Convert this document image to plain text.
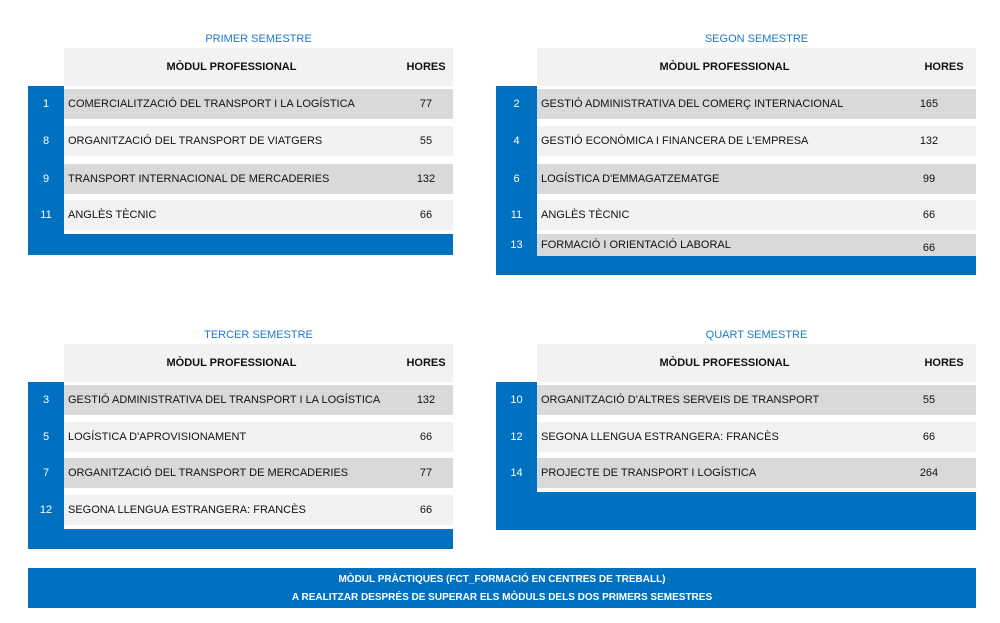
PRIMER SEMESTRE
MÒDUL PROFESSIONAL	HORES
1	COMERCIALITZACIÓ DEL TRANSPORT I LA LOGÍSTICA	77
8	ORGANITZACIÓ DEL TRANSPORT DE VIATGERS	55
9	TRANSPORT INTERNACIONAL DE MERCADERIES	132
11	ANGLÈS TÈCNIC	66
SEGON SEMESTRE
MÒDUL PROFESSIONAL	HORES
2	GESTIÓ ADMINISTRATIVA DEL COMERÇ INTERNACIONAL	165
4	GESTIÓ ECONÒMICA I FINANCERA DE L'EMPRESA	132
6	LOGÍSTICA D'EMMAGATZEMATGE	99
11	ANGLÈS TÈCNIC	66
13	FORMACIÓ I ORIENTACIÓ LABORAL	66
TERCER SEMESTRE
MÒDUL PROFESSIONAL	HORES
3	GESTIÓ ADMINISTRATIVA DEL TRANSPORT I LA LOGÍSTICA	132
5	LOGÍSTICA D'APROVISIONAMENT	66
7	ORGANITZACIÓ DEL TRANSPORT DE MERCADERIES	77
12	SEGONA LLENGUA ESTRANGERA: FRANCÈS	66
QUART SEMESTRE
MÒDUL PROFESSIONAL	HORES
10	ORGANITZACIÓ D'ALTRES SERVEIS DE TRANSPORT	55
12	SEGONA LLENGUA ESTRANGERA: FRANCÈS	66
14	PROJECTE DE TRANSPORT I LOGÍSTICA	264
MÒDUL PRÀCTIQUES (FCT_FORMACIÓ EN CENTRES DE TREBALL)
A REALITZAR DESPRÉS DE SUPERAR ELS MÒDULS DELS DOS PRIMERS SEMESTRES
